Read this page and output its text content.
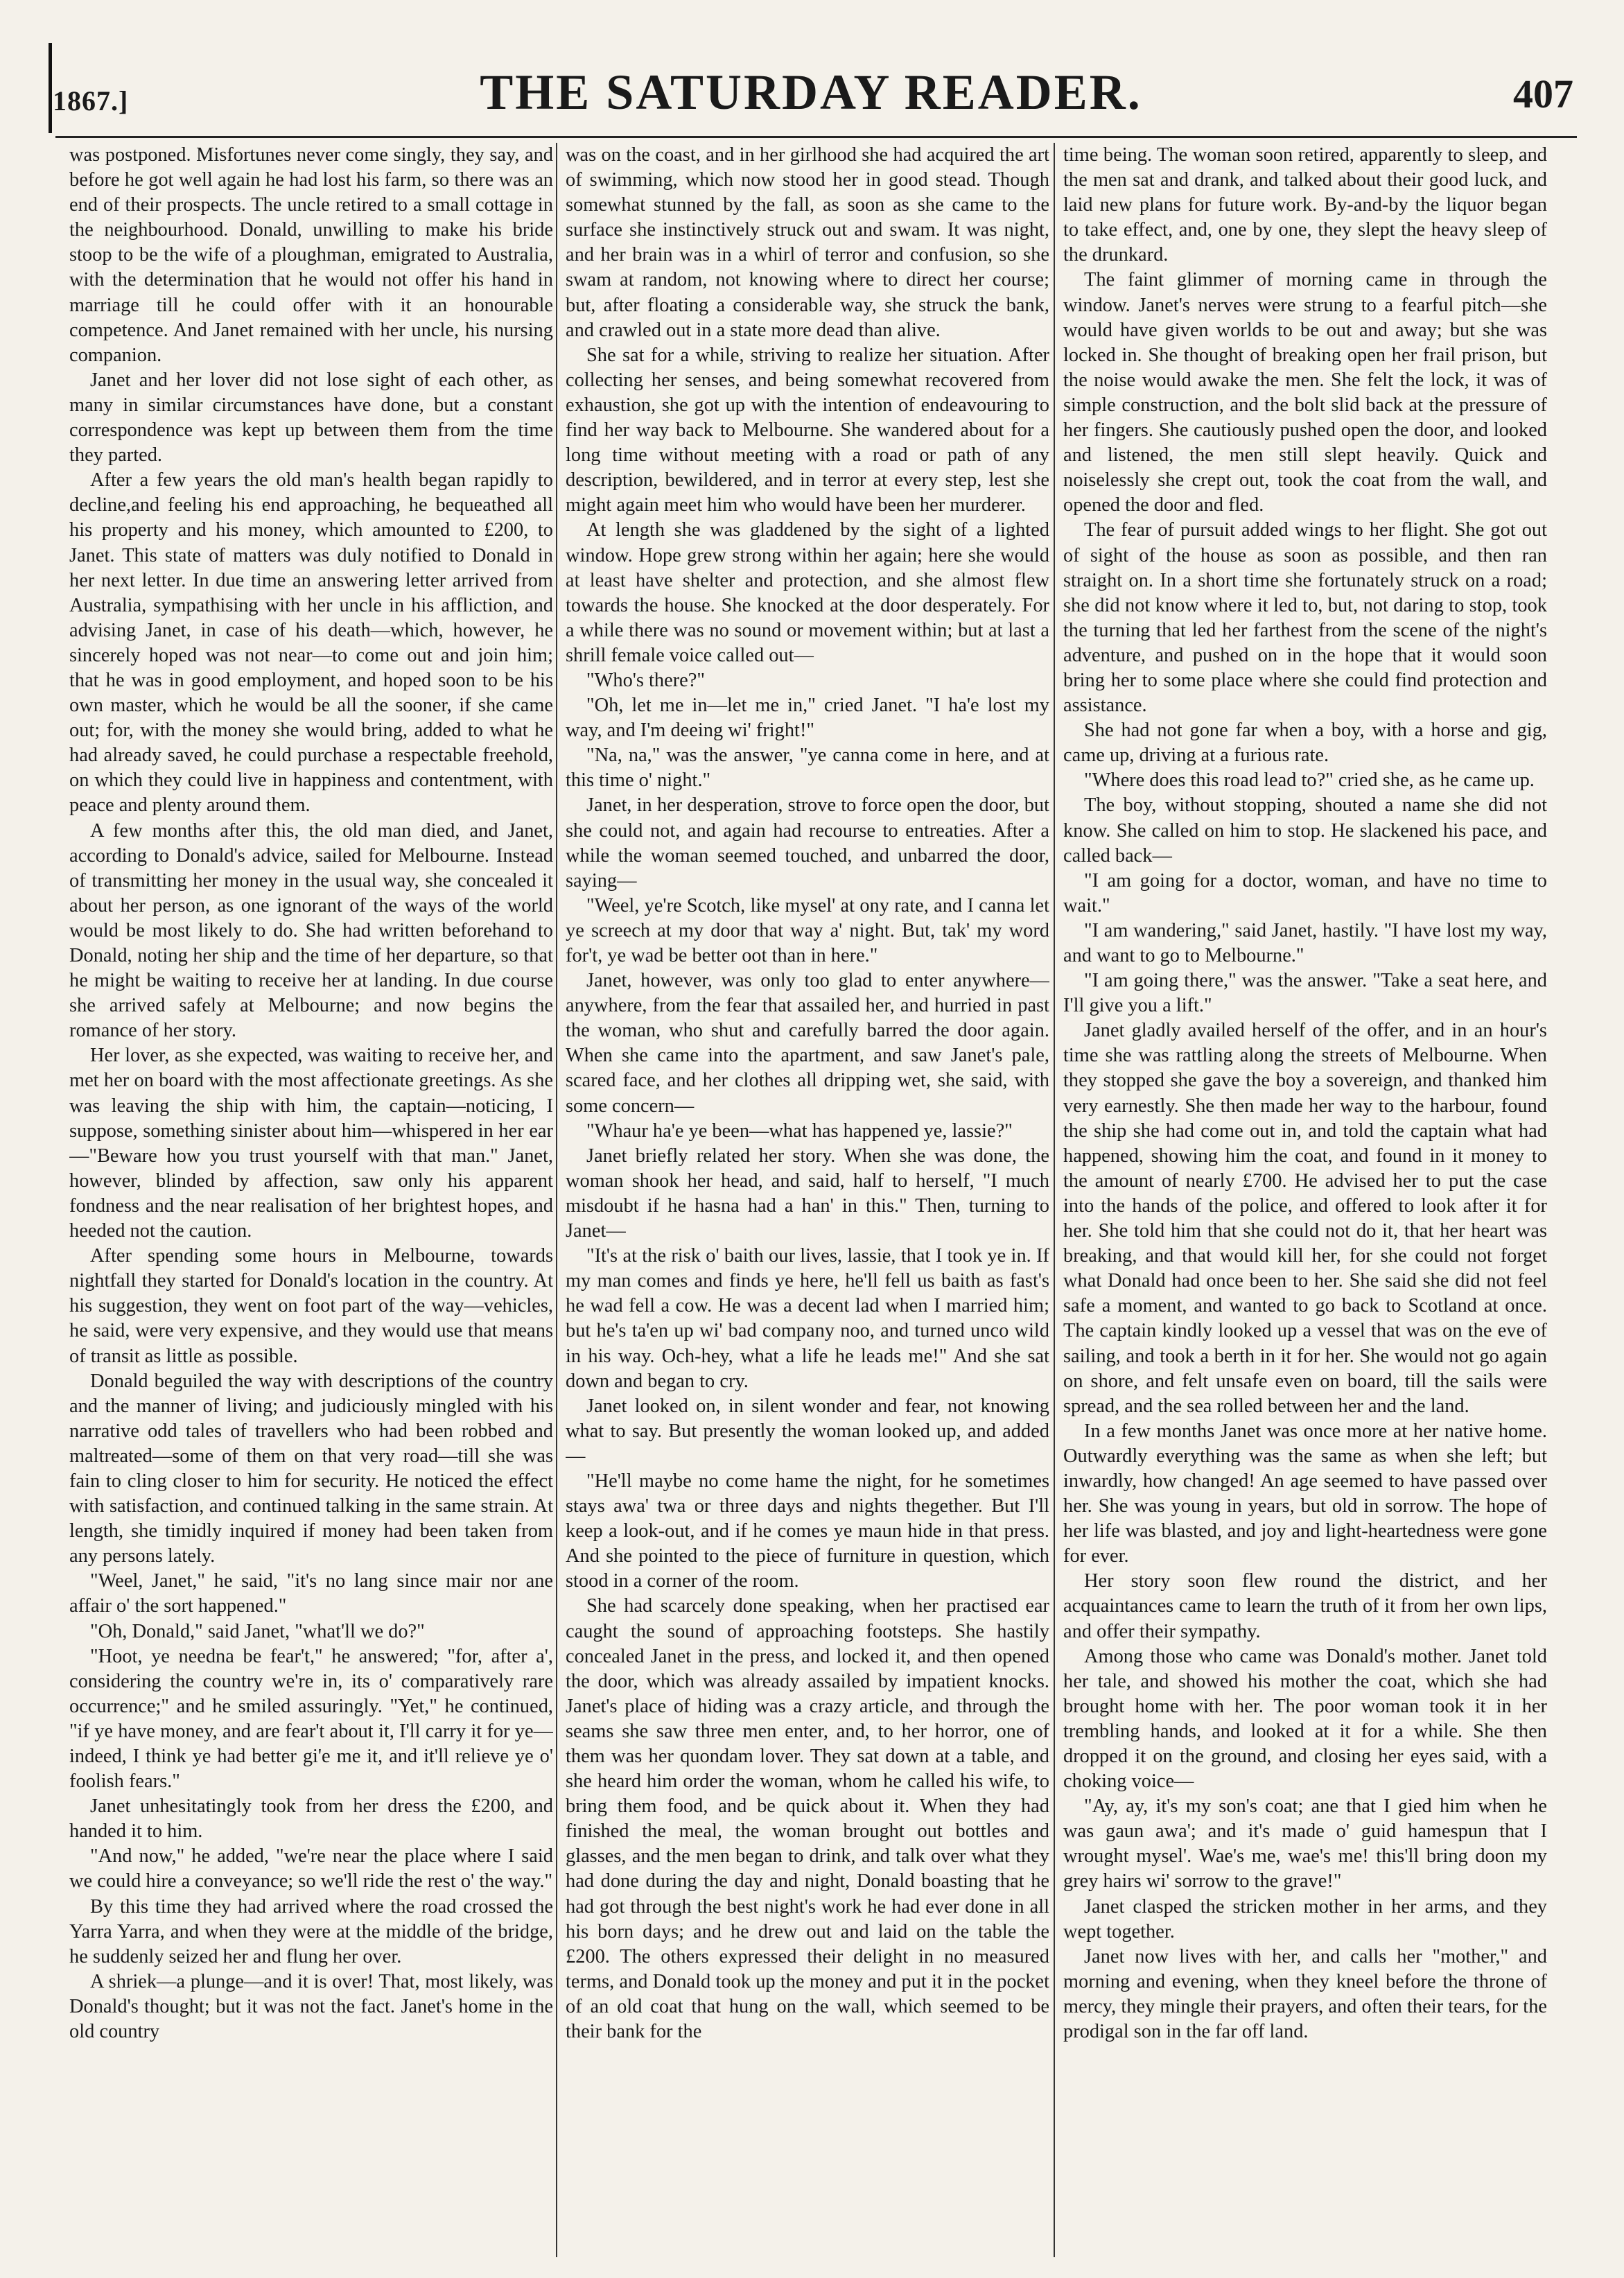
1867.]	THE SATURDAY READER.	407

was postponed. Misfortunes never come singly, they say, and before he got well again he had lost his farm, so there was an end of their prospects. The uncle retired to a small cottage in the neighbourhood. Donald, unwilling to make his bride stoop to be the wife of a ploughman, emigrated to Australia, with the determination that he would not offer his hand in marriage till he could offer with it an honourable competence. And Janet remained with her uncle, his nursing companion.

Janet and her lover did not lose sight of each other, as many in similar circumstances have done, but a constant correspondence was kept up between them from the time they parted.

After a few years the old man's health began rapidly to decline,and feeling his end approaching, he bequeathed all his property and his money, which amounted to £200, to Janet. This state of matters was duly notified to Donald in her next letter. In due time an answering letter arrived from Australia, sympathising with her uncle in his affliction, and advising Janet, in case of his death—which, however, he sincerely hoped was not near—to come out and join him; that he was in good employment, and hoped soon to be his own master, which he would be all the sooner, if she came out; for, with the money she would bring, added to what he had already saved, he could purchase a respectable freehold, on which they could live in happiness and contentment, with peace and plenty around them.

A few months after this, the old man died, and Janet, according to Donald's advice, sailed for Melbourne. Instead of transmitting her money in the usual way, she concealed it about her person, as one ignorant of the ways of the world would be most likely to do. She had written beforehand to Donald, noting her ship and the time of her departure, so that he might be waiting to receive her at landing. In due course she arrived safely at Melbourne; and now begins the romance of her story.

Her lover, as she expected, was waiting to receive her, and met her on board with the most affectionate greetings. As she was leaving the ship with him, the captain—noticing, I suppose, something sinister about him—whispered in her ear—"Beware how you trust yourself with that man." Janet, however, blinded by affection, saw only his apparent fondness and the near realisation of her brightest hopes, and heeded not the caution.

After spending some hours in Melbourne, towards nightfall they started for Donald's location in the country. At his suggestion, they went on foot part of the way—vehicles, he said, were very expensive, and they would use that means of transit as little as possible.

Donald beguiled the way with descriptions of the country and the manner of living; and judiciously mingled with his narrative odd tales of travellers who had been robbed and maltreated—some of them on that very road—till she was fain to cling closer to him for security. He noticed the effect with satisfaction, and continued talking in the same strain. At length, she timidly inquired if money had been taken from any persons lately.

"Weel, Janet," he said, "it's no lang since mair nor ane affair o' the sort happened."

"Oh, Donald," said Janet, "what'll we do?"

"Hoot, ye needna be fear't," he answered; "for, after a', considering the country we're in, its o' comparatively rare occurrence;" and he smiled assuringly. "Yet," he continued, "if ye have money, and are fear't about it, I'll carry it for ye—indeed, I think ye had better gi'e me it, and it'll relieve ye o' foolish fears."

Janet unhesitatingly took from her dress the £200, and handed it to him.

"And now," he added, "we're near the place where I said we could hire a conveyance; so we'll ride the rest o' the way."

By this time they had arrived where the road crossed the Yarra Yarra, and when they were at the middle of the bridge, he suddenly seized her and flung her over.

A shriek—a plunge—and it is over! That, most likely, was Donald's thought; but it was not the fact. Janet's home in the old country

was on the coast, and in her girlhood she had acquired the art of swimming, which now stood her in good stead. Though somewhat stunned by the fall, as soon as she came to the surface she instinctively struck out and swam. It was night, and her brain was in a whirl of terror and confusion, so she swam at random, not knowing where to direct her course; but, after floating a considerable way, she struck the bank, and crawled out in a state more dead than alive.

She sat for a while, striving to realize her situation. After collecting her senses, and being somewhat recovered from exhaustion, she got up with the intention of endeavouring to find her way back to Melbourne. She wandered about for a long time without meeting with a road or path of any description, bewildered, and in terror at every step, lest she might again meet him who would have been her murderer.

At length she was gladdened by the sight of a lighted window. Hope grew strong within her again; here she would at least have shelter and protection, and she almost flew towards the house. She knocked at the door desperately. For a while there was no sound or movement within; but at last a shrill female voice called out—

"Who's there?"

"Oh, let me in—let me in," cried Janet. "I ha'e lost my way, and I'm deeing wi' fright!"

"Na, na," was the answer, "ye canna come in here, and at this time o' night."

Janet, in her desperation, strove to force open the door, but she could not, and again had recourse to entreaties. After a while the woman seemed touched, and unbarred the door, saying—

"Weel, ye're Scotch, like mysel' at ony rate, and I canna let ye screech at my door that way a' night. But, tak' my word for't, ye wad be better oot than in here."

Janet, however, was only too glad to enter anywhere—anywhere, from the fear that assailed her, and hurried in past the woman, who shut and carefully barred the door again. When she came into the apartment, and saw Janet's pale, scared face, and her clothes all dripping wet, she said, with some concern—

"Whaur ha'e ye been—what has happened ye, lassie?"

Janet briefly related her story. When she was done, the woman shook her head, and said, half to herself, "I much misdoubt if he hasna had a han' in this." Then, turning to Janet—

"It's at the risk o' baith our lives, lassie, that I took ye in. If my man comes and finds ye here, he'll fell us baith as fast's he wad fell a cow. He was a decent lad when I married him; but he's ta'en up wi' bad company noo, and turned unco wild in his way. Och-hey, what a life he leads me!" And she sat down and began to cry.

Janet looked on, in silent wonder and fear, not knowing what to say. But presently the woman looked up, and added—

"He'll maybe no come hame the night, for he sometimes stays awa' twa or three days and nights thegether. But I'll keep a look-out, and if he comes ye maun hide in that press. And she pointed to the piece of furniture in question, which stood in a corner of the room.

She had scarcely done speaking, when her practised ear caught the sound of approaching footsteps. She hastily concealed Janet in the press, and locked it, and then opened the door, which was already assailed by impatient knocks. Janet's place of hiding was a crazy article, and through the seams she saw three men enter, and, to her horror, one of them was her quondam lover. They sat down at a table, and she heard him order the woman, whom he called his wife, to bring them food, and be quick about it. When they had finished the meal, the woman brought out bottles and glasses, and the men began to drink, and talk over what they had done during the day and night, Donald boasting that he had got through the best night's work he had ever done in all his born days; and he drew out and laid on the table the £200. The others expressed their delight in no measured terms, and Donald took up the money and put it in the pocket of an old coat that hung on the wall, which seemed to be their bank for the

time being. The woman soon retired, apparently to sleep, and the men sat and drank, and talked about their good luck, and laid new plans for future work. By-and-by the liquor began to take effect, and, one by one, they slept the heavy sleep of the drunkard.

The faint glimmer of morning came in through the window. Janet's nerves were strung to a fearful pitch—she would have given worlds to be out and away; but she was locked in. She thought of breaking open her frail prison, but the noise would awake the men. She felt the lock, it was of simple construction, and the bolt slid back at the pressure of her fingers. She cautiously pushed open the door, and looked and listened, the men still slept heavily. Quick and noiselessly she crept out, took the coat from the wall, and opened the door and fled.

The fear of pursuit added wings to her flight. She got out of sight of the house as soon as possible, and then ran straight on. In a short time she fortunately struck on a road; she did not know where it led to, but, not daring to stop, took the turning that led her farthest from the scene of the night's adventure, and pushed on in the hope that it would soon bring her to some place where she could find protection and assistance.

She had not gone far when a boy, with a horse and gig, came up, driving at a furious rate.

"Where does this road lead to?" cried she, as he came up.

The boy, without stopping, shouted a name she did not know. She called on him to stop. He slackened his pace, and called back—

"I am going for a doctor, woman, and have no time to wait."

"I am wandering," said Janet, hastily. "I have lost my way, and want to go to Melbourne."

"I am going there," was the answer. "Take a seat here, and I'll give you a lift."

Janet gladly availed herself of the offer, and in an hour's time she was rattling along the streets of Melbourne. When they stopped she gave the boy a sovereign, and thanked him very earnestly. She then made her way to the harbour, found the ship she had come out in, and told the captain what had happened, showing him the coat, and found in it money to the amount of nearly £700. He advised her to put the case into the hands of the police, and offered to look after it for her. She told him that she could not do it, that her heart was breaking, and that would kill her, for she could not forget what Donald had once been to her. She said she did not feel safe a moment, and wanted to go back to Scotland at once. The captain kindly looked up a vessel that was on the eve of sailing, and took a berth in it for her. She would not go again on shore, and felt unsafe even on board, till the sails were spread, and the sea rolled between her and the land.

In a few months Janet was once more at her native home. Outwardly everything was the same as when she left; but inwardly, how changed! An age seemed to have passed over her. She was young in years, but old in sorrow. The hope of her life was blasted, and joy and light-heartedness were gone for ever.

Her story soon flew round the district, and her acquaintances came to learn the truth of it from her own lips, and offer their sympathy.

Among those who came was Donald's mother. Janet told her tale, and showed his mother the coat, which she had brought home with her. The poor woman took it in her trembling hands, and looked at it for a while. She then dropped it on the ground, and closing her eyes said, with a choking voice—

"Ay, ay, it's my son's coat; ane that I gied him when he was gaun awa'; and it's made o' guid hamespun that I wrought mysel'. Wae's me, wae's me! this'll bring doon my grey hairs wi' sorrow to the grave!"

Janet clasped the stricken mother in her arms, and they wept together.

Janet now lives with her, and calls her "mother," and morning and evening, when they kneel before the throne of mercy, they mingle their prayers, and often their tears, for the prodigal son in the far off land.
